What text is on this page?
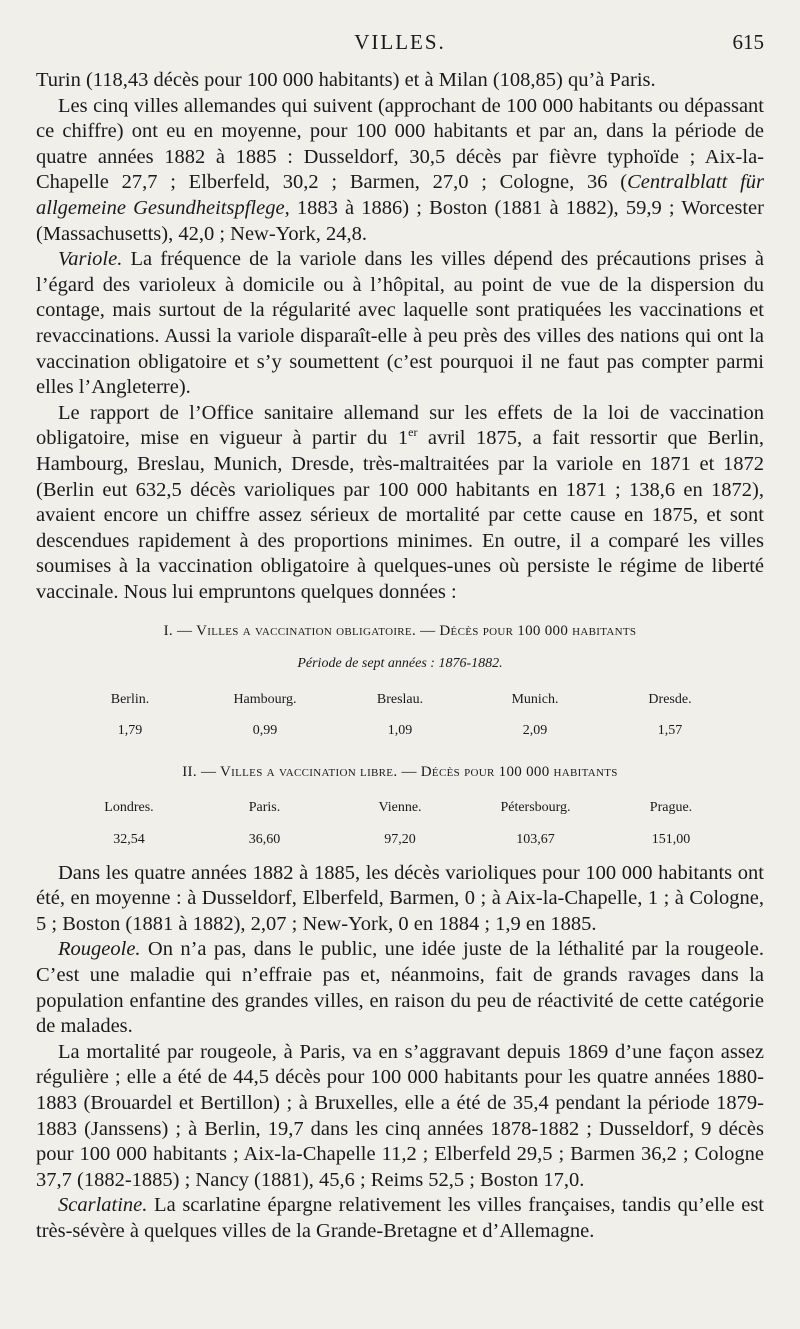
VILLES.	615

Turin (118,43 décès pour 100 000 habitants) et à Milan (108,85) qu’à Paris.

Les cinq villes allemandes qui suivent (approchant de 100 000 habitants ou dépassant ce chiffre) ont eu en moyenne, pour 100 000 habitants et par an, dans la période de quatre années 1882 à 1885 : Dusseldorf, 30,5 décès par fièvre typhoïde ; Aix-la-Chapelle 27,7 ; Elberfeld, 30,2 ; Barmen, 27,0 ; Cologne, 36 (Centralblatt für allgemeine Gesundheitspflege, 1883 à 1886) ; Boston (1881 à 1882), 59,9 ; Worcester (Massachusetts), 42,0 ; New-York, 24,8.

Variole. La fréquence de la variole dans les villes dépend des précautions prises à l’égard des varioleux à domicile ou à l’hôpital, au point de vue de la dispersion du contage, mais surtout de la régularité avec laquelle sont pratiquées les vaccinations et revaccinations. Aussi la variole disparaît-elle à peu près des villes des nations qui ont la vaccination obligatoire et s’y soumettent (c’est pourquoi il ne faut pas compter parmi elles l’Angleterre).

Le rapport de l’Office sanitaire allemand sur les effets de la loi de vaccination obligatoire, mise en vigueur à partir du 1er avril 1875, a fait ressortir que Berlin, Hambourg, Breslau, Munich, Dresde, très-maltraitées par la variole en 1871 et 1872 (Berlin eut 632,5 décès varioliques par 100 000 habitants en 1871 ; 138,6 en 1872), avaient encore un chiffre assez sérieux de mortalité par cette cause en 1875, et sont descendues rapidement à des proportions minimes. En outre, il a comparé les villes soumises à la vaccination obligatoire à quelques-unes où persiste le régime de liberté vaccinale. Nous lui empruntons quelques données :

I. — Villes a vaccination obligatoire. — Décès pour 100 000 habitants
Période de sept années : 1876-1882.
Berlin.	Hambourg.	Breslau.	Munich.	Dresde.
1,79	0,99	1,09	2,09	1,57
II. — Villes a vaccination libre. — Décès pour 100 000 habitants
Londres.	Paris.	Vienne.	Pétersbourg.	Prague.
32,54	36,60	97,20	103,67	151,00

Dans les quatre années 1882 à 1885, les décès varioliques pour 100 000 habitants ont été, en moyenne : à Dusseldorf, Elberfeld, Barmen, 0 ; à Aix-la-Chapelle, 1 ; à Cologne, 5 ; Boston (1881 à 1882), 2,07 ; New-York, 0 en 1884 ; 1,9 en 1885.

Rougeole. On n’a pas, dans le public, une idée juste de la léthalité par la rougeole. C’est une maladie qui n’effraie pas et, néanmoins, fait de grands ravages dans la population enfantine des grandes villes, en raison du peu de réactivité de cette catégorie de malades.

La mortalité par rougeole, à Paris, va en s’aggravant depuis 1869 d’une façon assez régulière ; elle a été de 44,5 décès pour 100 000 habitants pour les quatre années 1880-1883 (Brouardel et Bertillon) ; à Bruxelles, elle a été de 35,4 pendant la période 1879-1883 (Janssens) ; à Berlin, 19,7 dans les cinq années 1878-1882 ; Dusseldorf, 9 décès pour 100 000 habitants ; Aix-la-Chapelle 11,2 ; Elberfeld 29,5 ; Barmen 36,2 ; Cologne 37,7 (1882-1885) ; Nancy (1881), 45,6 ; Reims 52,5 ; Boston 17,0.

Scarlatine. La scarlatine épargne relativement les villes françaises, tandis qu’elle est très-sévère à quelques villes de la Grande-Bretagne et d’Allemagne.
